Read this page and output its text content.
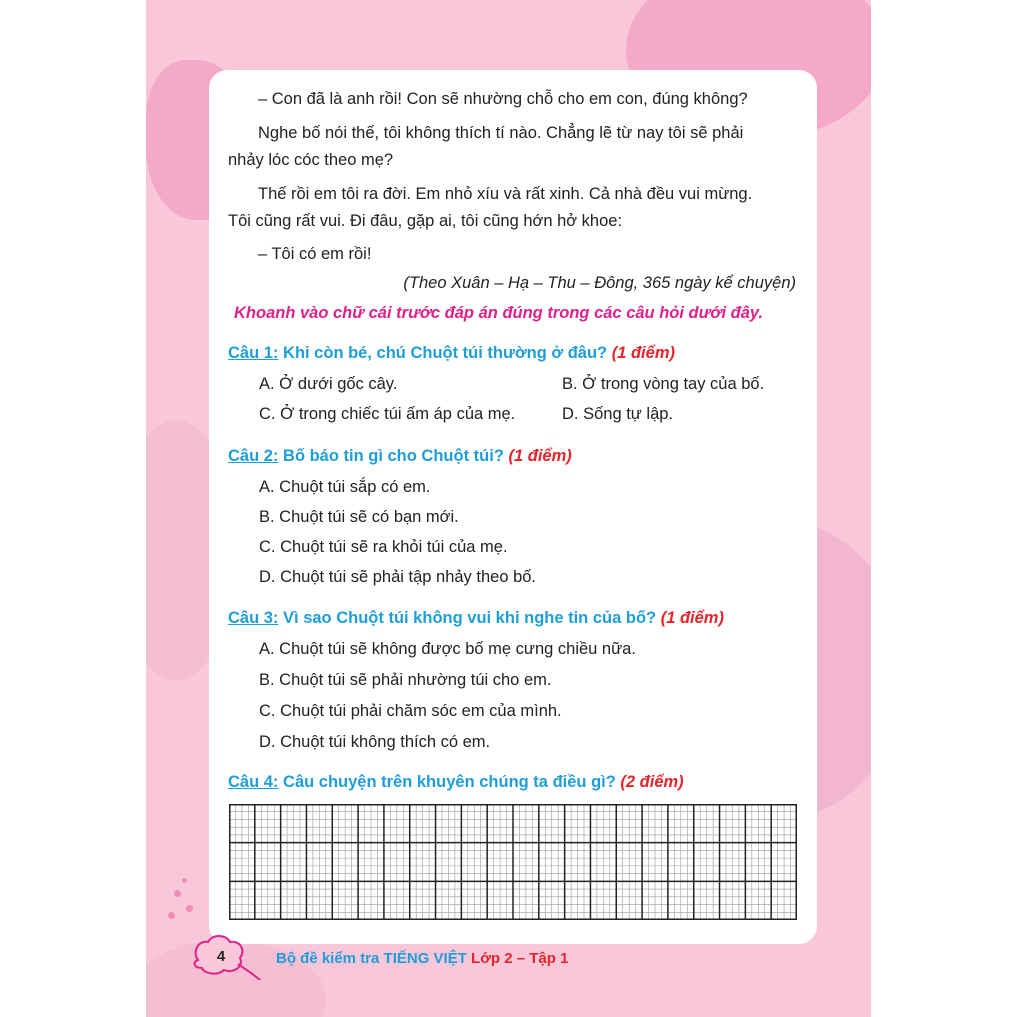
– Con đã là anh rồi! Con sẽ nhường chỗ cho em con, đúng không?
Nghe bố nói thế, tôi không thích tí nào. Chẳng lẽ từ nay tôi sẽ phải
nhảy lóc cóc theo mẹ?
Thế rồi em tôi ra đời. Em nhỏ xíu và rất xinh. Cả nhà đều vui mừng.
Tôi cũng rất vui. Đi đâu, gặp ai, tôi cũng hớn hở khoe:
– Tôi có em rồi!
(Theo Xuân – Hạ – Thu – Đông, 365 ngày kể chuyện)
Khoanh vào chữ cái trước đáp án đúng trong các câu hỏi dưới đây.
Câu 1: Khi còn bé, chú Chuột túi thường ở đâu? (1 điểm)
A. Ở dưới gốc cây.	B. Ở trong vòng tay của bố.
C. Ở trong chiếc túi ấm áp của mẹ.	D. Sống tự lập.
Câu 2: Bố báo tin gì cho Chuột túi? (1 điểm)
A. Chuột túi sắp có em.
B. Chuột túi sẽ có bạn mới.
C. Chuột túi sẽ ra khỏi túi của mẹ.
D. Chuột túi sẽ phải tập nhảy theo bố.
Câu 3: Vì sao Chuột túi không vui khi nghe tin của bố? (1 điểm)
A. Chuột túi sẽ không được bố mẹ cưng chiều nữa.
B. Chuột túi sẽ phải nhường túi cho em.
C. Chuột túi phải chăm sóc em của mình.
D. Chuột túi không thích có em.
Câu 4: Câu chuyện trên khuyên chúng ta điều gì? (2 điểm)
4	Bộ đề kiểm tra TIẾNG VIỆT Lớp 2 – Tập 1
